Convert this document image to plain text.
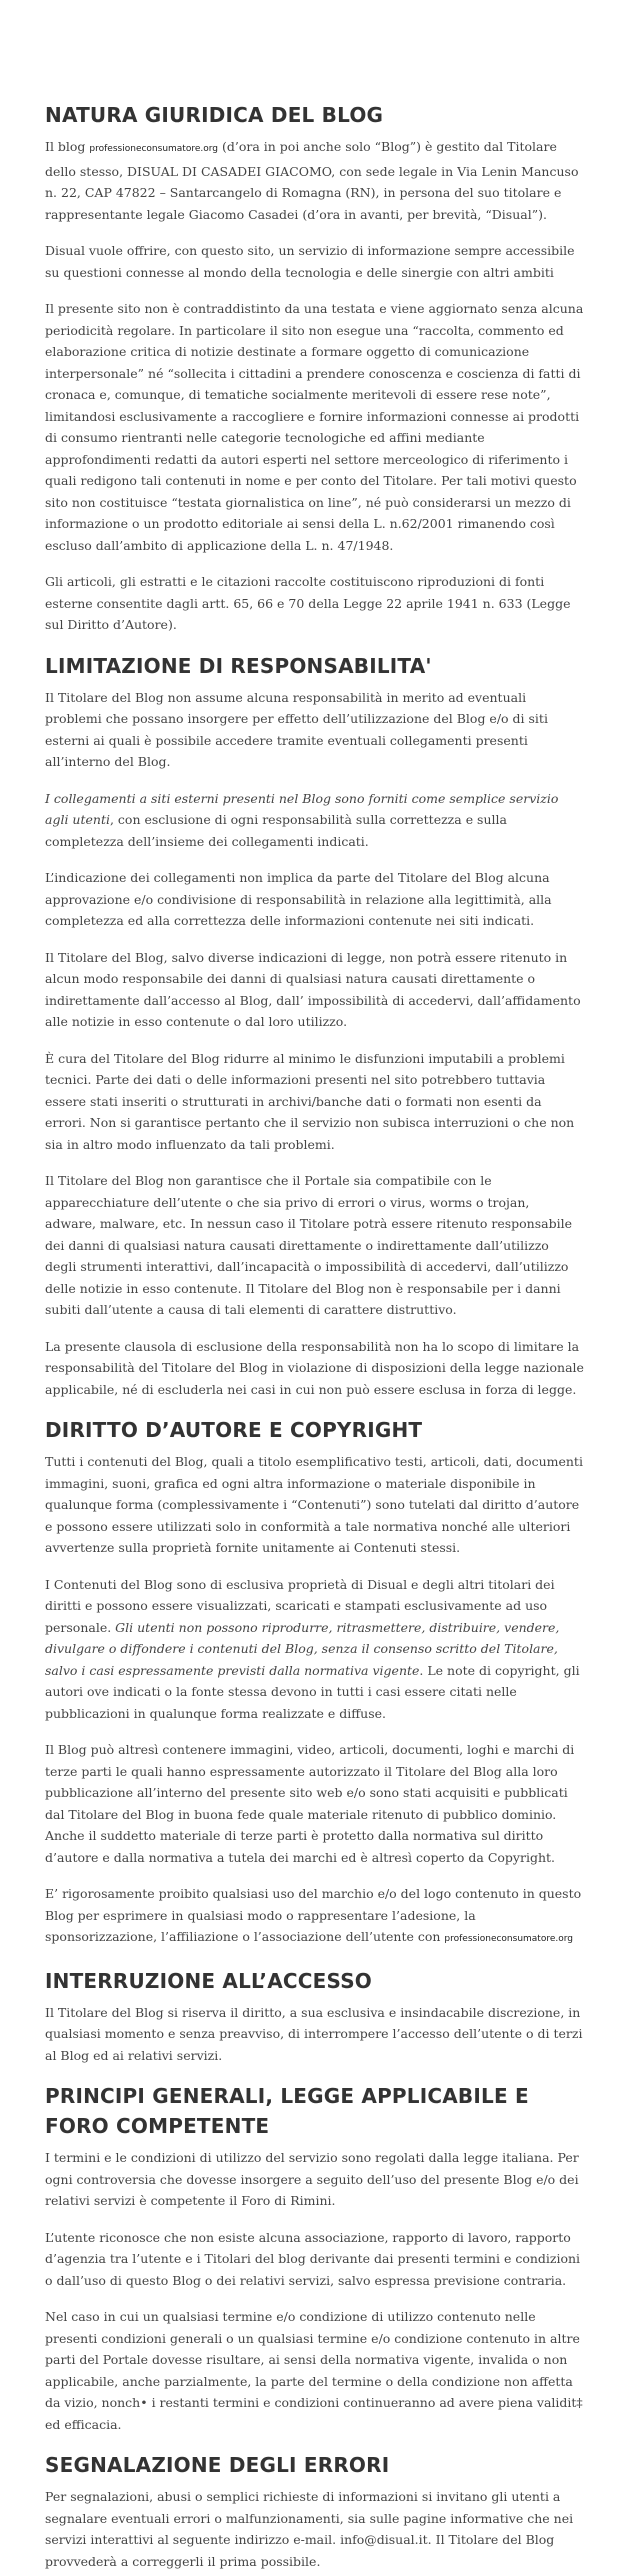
NATURA GIURIDICA DEL BLOG

Il blog professioneconsumatore.org (d’ora in poi anche solo “Blog”) è gestito dal Titolare dello stesso, DISUAL DI CASADEI GIACOMO, con sede legale in Via Lenin Mancuso n. 22, CAP 47822 – Santarcangelo di Romagna (RN), in persona del suo titolare e rappresentante legale Giacomo Casadei (d’ora in avanti, per brevità, “Disual”).

Disual vuole offrire, con questo sito, un servizio di informazione sempre accessibile su questioni connesse al mondo della tecnologia e delle sinergie con altri ambiti

Il presente sito non è contraddistinto da una testata e viene aggiornato senza alcuna periodicità regolare. In particolare il sito non esegue una “raccolta, commento ed elaborazione critica di notizie destinate a formare oggetto di comunicazione interpersonale” né “sollecita i cittadini a prendere conoscenza e coscienza di fatti di cronaca e, comunque, di tematiche socialmente meritevoli di essere rese note”, limitandosi esclusivamente a raccogliere e fornire informazioni connesse ai prodotti di consumo rientranti nelle categorie tecnologiche ed affini mediante approfondimenti redatti da autori esperti nel settore merceologico di riferimento i quali redigono tali contenuti in nome e per conto del Titolare. Per tali motivi questo sito non costituisce “testata giornalistica on line”, né può considerarsi un mezzo di informazione o un prodotto editoriale ai sensi della L. n.62/2001 rimanendo così escluso dall’ambito di applicazione della L. n. 47/1948.

Gli articoli, gli estratti e le citazioni raccolte costituiscono riproduzioni di fonti esterne consentite dagli artt. 65, 66 e 70 della Legge 22 aprile 1941 n. 633 (Legge sul Diritto d’Autore).

LIMITAZIONE DI RESPONSABILITA'

Il Titolare del Blog non assume alcuna responsabilità in merito ad eventuali problemi che possano insorgere per effetto dell’utilizzazione del Blog e/o di siti esterni ai quali è possibile accedere tramite eventuali collegamenti presenti all’interno del Blog.

I collegamenti a siti esterni presenti nel Blog sono forniti come semplice servizio agli utenti, con esclusione di ogni responsabilità sulla correttezza e sulla completezza dell’insieme dei collegamenti indicati.

L’indicazione dei collegamenti non implica da parte del Titolare del Blog alcuna approvazione e/o condivisione di responsabilità in relazione alla legittimità, alla completezza ed alla correttezza delle informazioni contenute nei siti indicati.

Il Titolare del Blog, salvo diverse indicazioni di legge, non potrà essere ritenuto in alcun modo responsabile dei danni di qualsiasi natura causati direttamente o indirettamente dall’accesso al Blog, dall’ impossibilità di accedervi, dall’affidamento alle notizie in esso contenute o dal loro utilizzo.

È cura del Titolare del Blog ridurre al minimo le disfunzioni imputabili a problemi tecnici. Parte dei dati o delle informazioni presenti nel sito potrebbero tuttavia essere stati inseriti o strutturati in archivi/banche dati o formati non esenti da errori. Non si garantisce pertanto che il servizio non subisca interruzioni o che non sia in altro modo influenzato da tali problemi.

Il Titolare del Blog non garantisce che il Portale sia compatibile con le apparecchiature dell’utente o che sia privo di errori o virus, worms o trojan, adware, malware, etc. In nessun caso il Titolare potrà essere ritenuto responsabile dei danni di qualsiasi natura causati direttamente o indirettamente dall’utilizzo degli strumenti interattivi, dall’incapacità o impossibilità di accedervi, dall’utilizzo delle notizie in esso contenute. Il Titolare del Blog non è responsabile per i danni subiti dall’utente a causa di tali elementi di carattere distruttivo.

La presente clausola di esclusione della responsabilità non ha lo scopo di limitare la responsabilità del Titolare del Blog in violazione di disposizioni della legge nazionale applicabile, né di escluderla nei casi in cui non può essere esclusa in forza di legge.

DIRITTO D’AUTORE E COPYRIGHT

Tutti i contenuti del Blog, quali a titolo esemplificativo testi, articoli, dati, documenti immagini, suoni, grafica ed ogni altra informazione o materiale disponibile in qualunque forma (complessivamente i “Contenuti”) sono tutelati dal diritto d’autore e possono essere utilizzati solo in conformità a tale normativa nonché alle ulteriori avvertenze sulla proprietà fornite unitamente ai Contenuti stessi.

I Contenuti del Blog sono di esclusiva proprietà di Disual e degli altri titolari dei diritti e possono essere visualizzati, scaricati e stampati esclusivamente ad uso personale. Gli utenti non possono riprodurre, ritrasmettere, distribuire, vendere, divulgare o diffondere i contenuti del Blog, senza il consenso scritto del Titolare, salvo i casi espressamente previsti dalla normativa vigente. Le note di copyright, gli autori ove indicati o la fonte stessa devono in tutti i casi essere citati nelle pubblicazioni in qualunque forma realizzate e diffuse.

Il Blog può altresì contenere immagini, video, articoli, documenti, loghi e marchi di terze parti le quali hanno espressamente autorizzato il Titolare del Blog alla loro pubblicazione all’interno del presente sito web e/o sono stati acquisiti e pubblicati dal Titolare del Blog in buona fede quale materiale ritenuto di pubblico dominio. Anche il suddetto materiale di terze parti è protetto dalla normativa sul diritto d’autore e dalla normativa a tutela dei marchi ed è altresì coperto da Copyright.

E’ rigorosamente proibito qualsiasi uso del marchio e/o del logo contenuto in questo Blog per esprimere in qualsiasi modo o rappresentare l’adesione, la sponsorizzazione, l’affiliazione o l’associazione dell’utente con professioneconsumatore.org

INTERRUZIONE ALL’ACCESSO

Il Titolare del Blog si riserva il diritto, a sua esclusiva e insindacabile discrezione, in qualsiasi momento e senza preavviso, di interrompere l’accesso dell’utente o di terzi al Blog ed ai relativi servizi.

PRINCIPI GENERALI, LEGGE APPLICABILE E FORO COMPETENTE

I termini e le condizioni di utilizzo del servizio sono regolati dalla legge italiana. Per ogni controversia che dovesse insorgere a seguito dell’uso del presente Blog e/o dei relativi servizi è competente il Foro di Rimini.

L’utente riconosce che non esiste alcuna associazione, rapporto di lavoro, rapporto d’agenzia tra l’utente e i Titolari del blog derivante dai presenti termini e condizioni o dall’uso di questo Blog o dei relativi servizi, salvo espressa previsione contraria.

Nel caso in cui un qualsiasi termine e/o condizione di utilizzo contenuto nelle presenti condizioni generali o un qualsiasi termine e/o condizione contenuto in altre parti del Portale dovesse risultare, ai sensi della normativa vigente, invalida o non applicabile, anche parzialmente, la parte del termine o della condizione non affetta da vizio, nonch• i restanti termini e condizioni continueranno ad avere piena validit‡ ed efficacia.

SEGNALAZIONE DEGLI ERRORI

Per segnalazioni, abusi o semplici richieste di informazioni si invitano gli utenti a segnalare eventuali errori o malfunzionamenti, sia sulle pagine informative che nei servizi interattivi al seguente indirizzo e-mail. info@disual.it. Il Titolare del Blog provvederà a correggerli il prima possibile.
